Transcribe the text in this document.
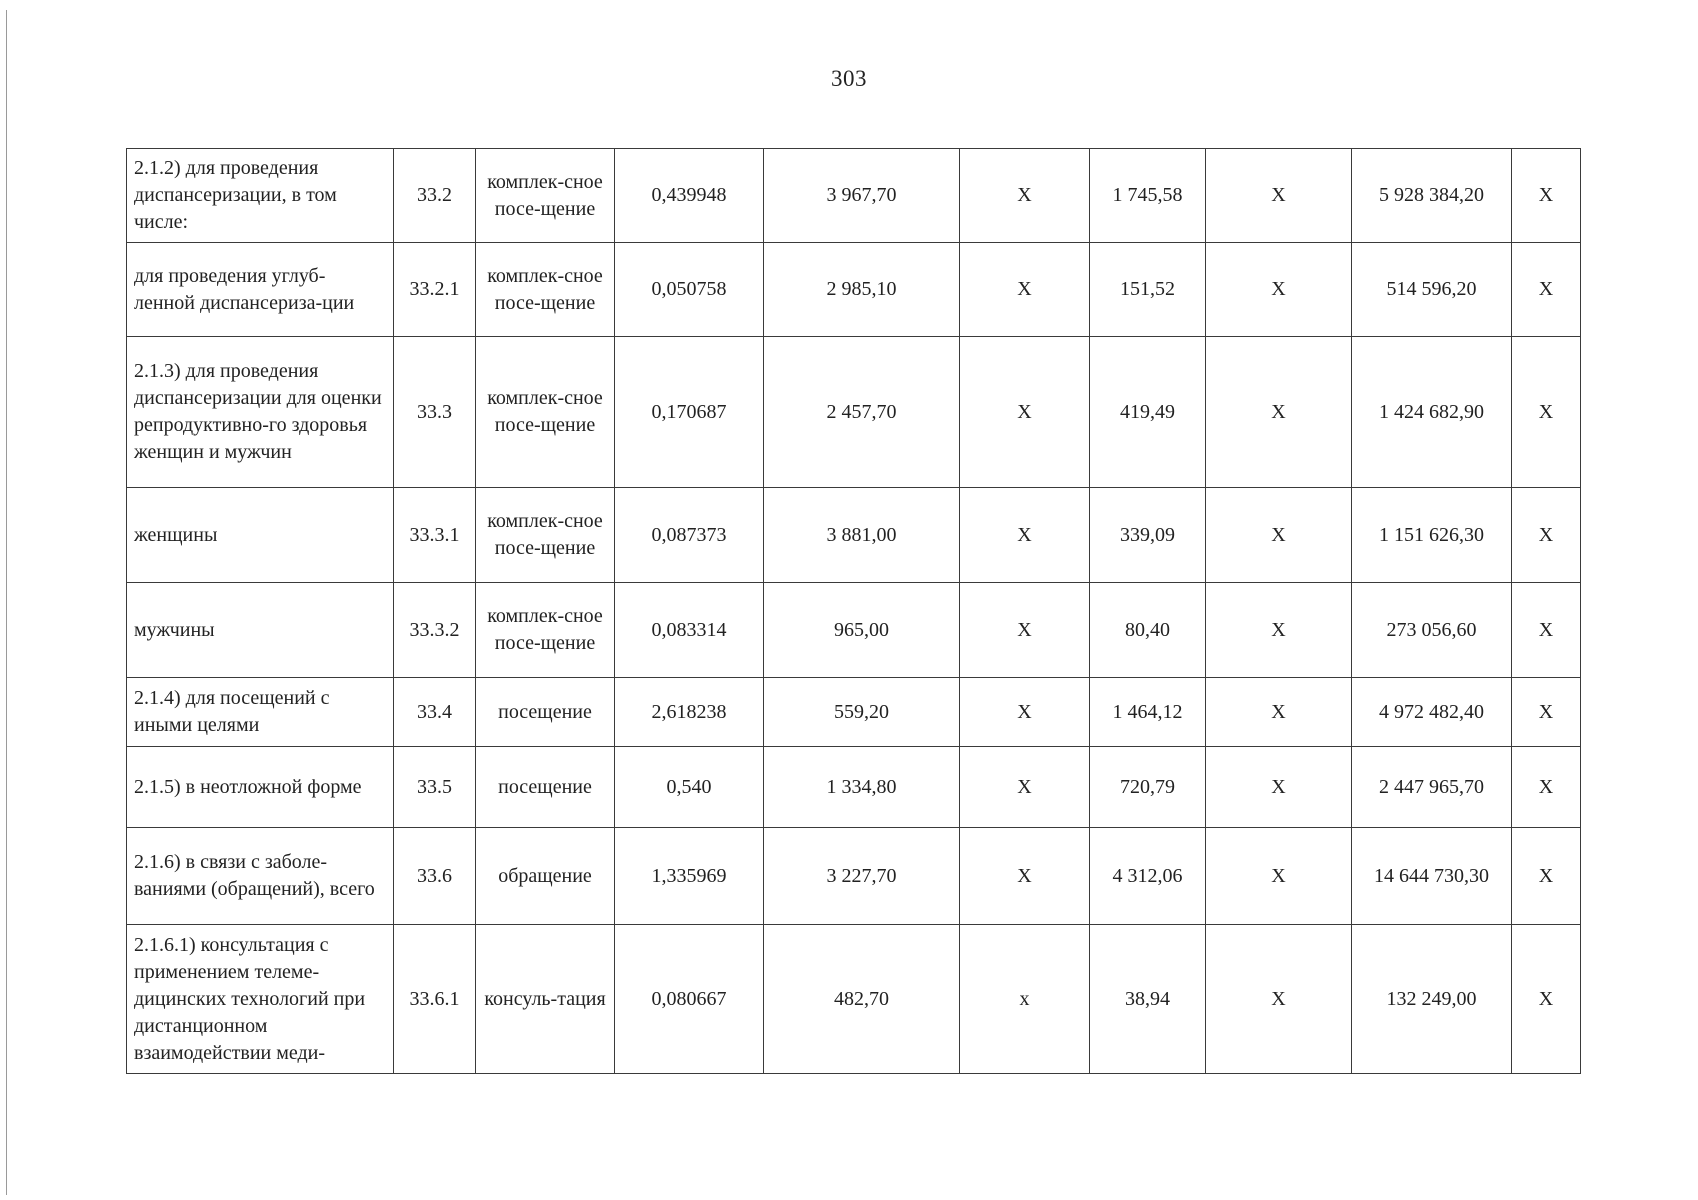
303
2.1.2) для проведения диспансеризации, в том числе:	33.2	комплек-сное посе-щение	0,439948	3 967,70	X	1 745,58	X	5 928 384,20	X
для проведения углуб-ленной диспансериза-ции	33.2.1	комплек-сное посе-щение	0,050758	2 985,10	X	151,52	X	514 596,20	X
2.1.3) для проведения диспансеризации для оценки репродуктивно-го здоровья женщин и мужчин	33.3	комплек-сное посе-щение	0,170687	2 457,70	X	419,49	X	1 424 682,90	X
женщины	33.3.1	комплек-сное посе-щение	0,087373	3 881,00	X	339,09	X	1 151 626,30	X
мужчины	33.3.2	комплек-сное посе-щение	0,083314	965,00	X	80,40	X	273 056,60	X
2.1.4) для посещений с иными целями	33.4	посещение	2,618238	559,20	X	1 464,12	X	4 972 482,40	X
2.1.5) в неотложной форме	33.5	посещение	0,540	1 334,80	X	720,79	X	2 447 965,70	X
2.1.6) в связи с заболе-ваниями (обращений), всего	33.6	обращение	1,335969	3 227,70	X	4 312,06	X	14 644 730,30	X
2.1.6.1) консультация с применением телеме-дицинских технологий при дистанционном взаимодействии меди-	33.6.1	консуль-тация	0,080667	482,70	x	38,94	X	132 249,00	X
